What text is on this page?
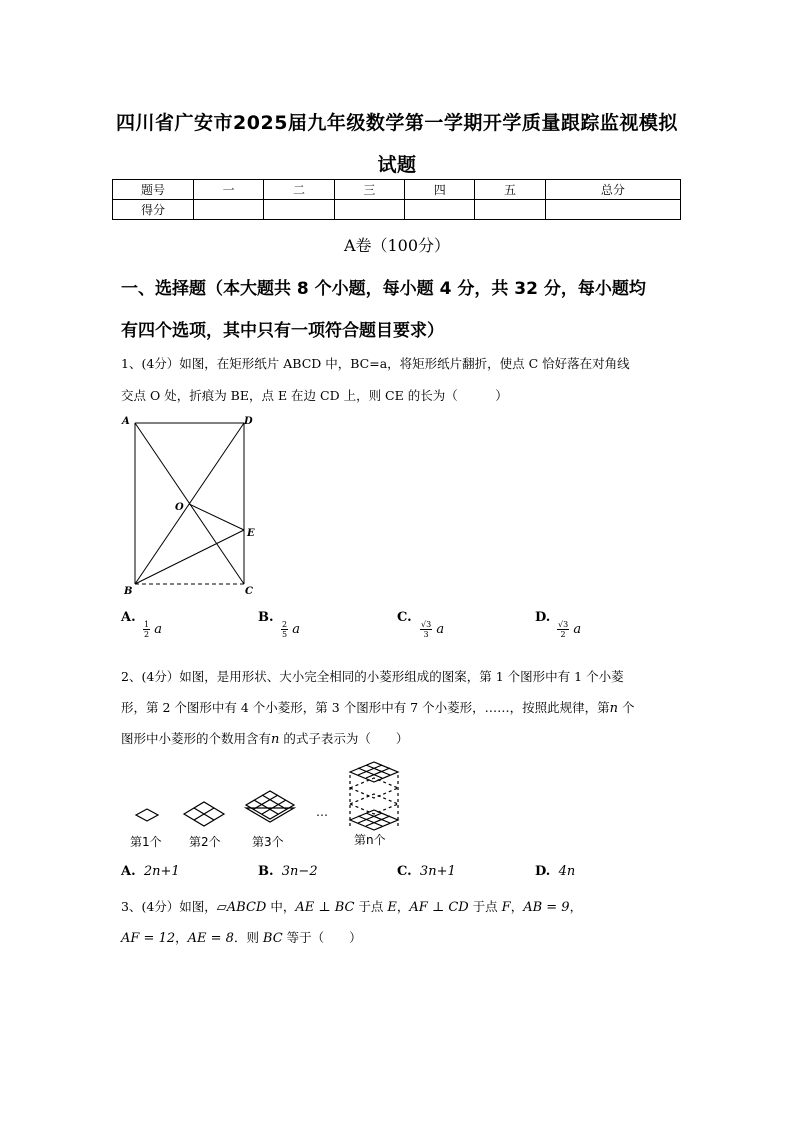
四川省广安市2025届九年级数学第一学期开学质量跟踪监视模拟
试题
题号	一	二	三	四	五	总分
得分						
A卷（100分）
一、选择题（本大题共 8 个小题，每小题 4 分，共 32 分，每小题均
有四个选项，其中只有一项符合题目要求）
1、(4分）如图，在矩形纸片 ABCD 中，BC=a，将矩形纸片翻折，使点 C 恰好落在对角线
交点 O 处，折痕为 BE，点 E 在边 CD 上，则 CE 的长为（　　　）
A	D
O
E
B	C
A.
$\frac{1}{2}$ a
B.
$\frac{2}{5}$ a
C.
$\frac{√3}{3}$ a
D.
$\frac{√3}{2}$ a
2、(4分）如图，是用形状、大小完全相同的小菱形组成的图案，第 1 个图形中有 1 个小菱
形，第 2 个图形中有 4 个小菱形，第 3 个图形中有 7 个小菱形，……，按照此规律，第n 个
图形中小菱形的个数用含有n 的式子表示为（　　）
…
第1个 第2个	第3个	第n个
A. 2n+1	B. 3n−2	C. 3n+1	D. 4n
3、(4分）如图，▱ABCD 中，AE ⊥ BC 于点 E，AF ⊥ CD 于点 F，AB = 9，
AF = 12，AE = 8．则 BC 等于（　　）
